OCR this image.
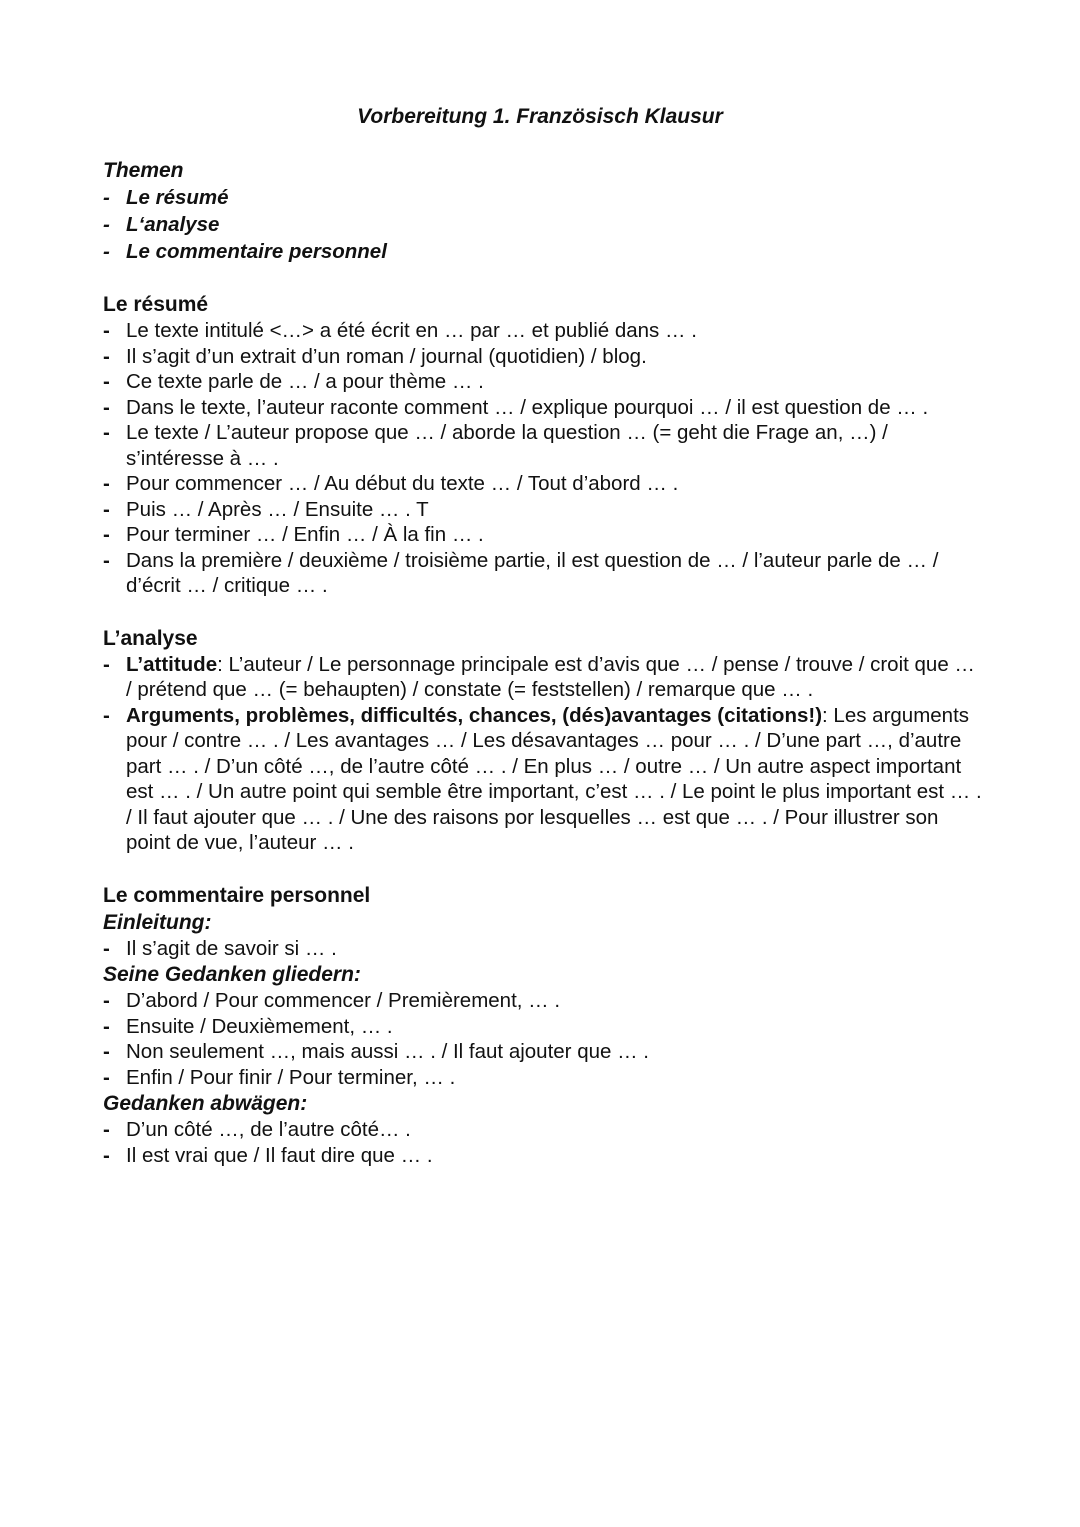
Vorbereitung 1. Französisch Klausur

Themen

- Le résumé
- L‘analyse
- Le commentaire personnel

Le résumé

- Le texte intitulé <…> a été écrit en … par … et publié dans … .
- Il s’agit d’un extrait d’un roman / journal (quotidien) / blog.
- Ce texte parle de … / a pour thème … .
- Dans le texte, l’auteur raconte comment … / explique pourquoi … / il est question de … .
- Le texte / L’auteur propose que … / aborde la question … (= geht die Frage an, …) / s’intéresse à … .
- Pour commencer … / Au début du texte … / Tout d’abord … .
- Puis … / Après … / Ensuite … . T
- Pour terminer … / Enfin … / À la fin … .
- Dans la première / deuxième / troisième partie, il est question de … / l’auteur parle de … / d’écrit … / critique … .

L’analyse

- L’attitude: L’auteur / Le personnage principale est d’avis que … / pense / trouve / croit que … / prétend que … (= behaupten) / constate (= feststellen) / remarque que … .
- Arguments, problèmes, difficultés, chances, (dés)avantages (citations!): Les arguments pour / contre … . / Les avantages … / Les désavantages … pour … . / D’une part …, d’autre part … . / D’un côté …, de l’autre côté … . / En plus … / outre … / Un autre aspect important est … . / Un autre point qui semble être important, c’est … . / Le point le plus important est … . / Il faut ajouter que … . / Une des raisons por lesquelles … est que … . / Pour illustrer son point de vue, l’auteur … .

Le commentaire personnel

Einleitung:

- Il s’agit de savoir si … .

Seine Gedanken gliedern:

- D’abord / Pour commencer / Premièrement, … .
- Ensuite / Deuxièmement, … .
- Non seulement …, mais aussi … . / Il faut ajouter que … .
- Enfin / Pour finir / Pour terminer, … .

Gedanken abwägen:

- D’un côté …, de l’autre côté… .
- Il est vrai que / Il faut dire que … .
